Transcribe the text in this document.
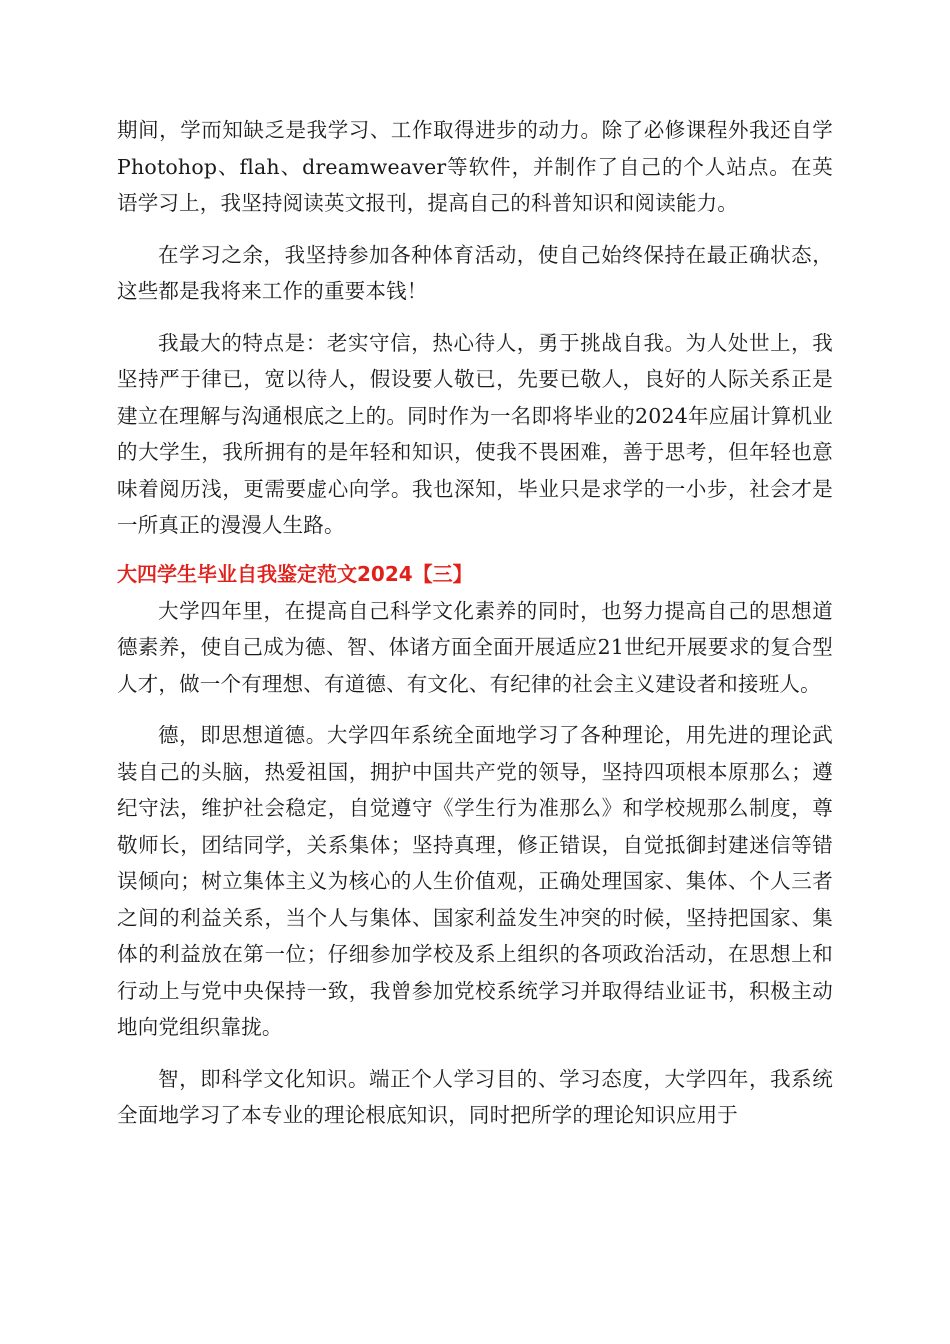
期间，学而知缺乏是我学习、工作取得进步的动力。除了必修课程外我还自学Photohop、flah、dreamweaver等软件，并制作了自己的个人站点。在英语学习上，我坚持阅读英文报刊，提高自己的科普知识和阅读能力。

在学习之余，我坚持参加各种体育活动，使自己始终保持在最正确状态，这些都是我将来工作的重要本钱！

我最大的特点是：老实守信，热心待人，勇于挑战自我。为人处世上，我坚持严于律已，宽以待人，假设要人敬已，先要已敬人，良好的人际关系正是建立在理解与沟通根底之上的。同时作为一名即将毕业的2024年应届计算机业的大学生，我所拥有的是年轻和知识，使我不畏困难，善于思考，但年轻也意味着阅历浅，更需要虚心向学。我也深知，毕业只是求学的一小步，社会才是一所真正的漫漫人生路。

大四学生毕业自我鉴定范文2024【三】

大学四年里，在提高自己科学文化素养的同时，也努力提高自己的思想道德素养，使自己成为德、智、体诸方面全面开展适应21世纪开展要求的复合型人才，做一个有理想、有道德、有文化、有纪律的社会主义建设者和接班人。

德，即思想道德。大学四年系统全面地学习了各种理论，用先进的理论武装自己的头脑，热爱祖国，拥护中国共产党的领导，坚持四项根本原那么；遵纪守法，维护社会稳定，自觉遵守《学生行为准那么》和学校规那么制度，尊敬师长，团结同学，关系集体；坚持真理，修正错误，自觉抵御封建迷信等错误倾向；树立集体主义为核心的人生价值观，正确处理国家、集体、个人三者之间的利益关系，当个人与集体、国家利益发生冲突的时候，坚持把国家、集体的利益放在第一位；仔细参加学校及系上组织的各项政治活动，在思想上和行动上与党中央保持一致，我曾参加党校系统学习并取得结业证书，积极主动地向党组织靠拢。

智，即科学文化知识。端正个人学习目的、学习态度，大学四年，我系统全面地学习了本专业的理论根底知识，同时把所学的理论知识应用于
